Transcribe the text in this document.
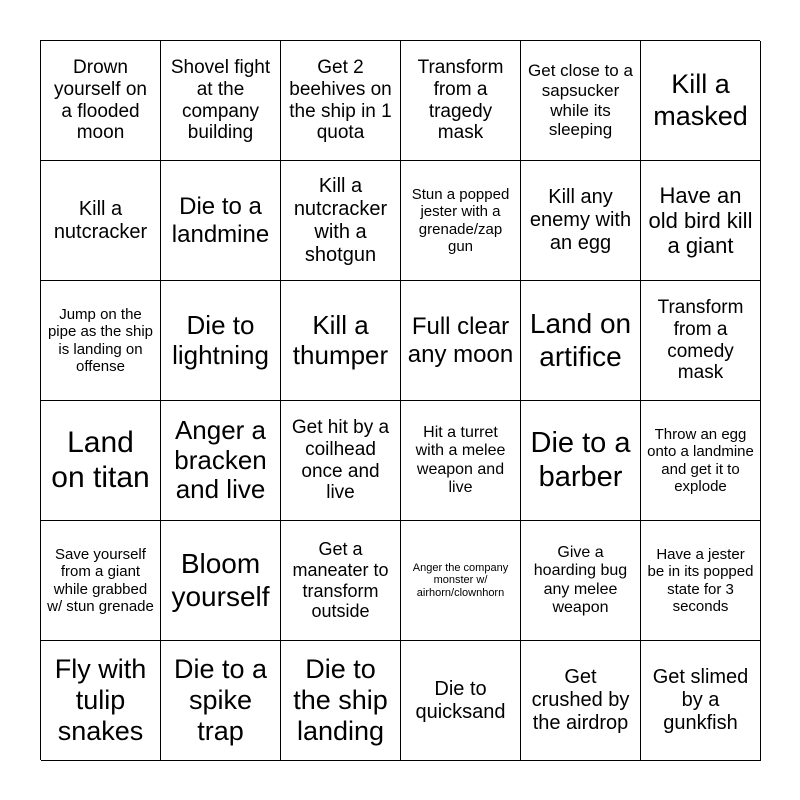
Drown yourself on a flooded moon
Shovel fight at the company building
Get 2 beehives on the ship in 1 quota
Transform from a tragedy mask
Get close to a sapsucker while its sleeping
Kill a masked
Kill a nutcracker
Die to a landmine
Kill a nutcracker with a shotgun
Stun a popped jester with a grenade/zap gun
Kill any enemy with an egg
Have an old bird kill a giant
Jump on the pipe as the ship is landing on offense
Die to lightning
Kill a thumper
Full clear any moon
Land on artifice
Transform from a comedy mask
Land on titan
Anger a bracken and live
Get hit by a coilhead once and live
Hit a turret with a melee weapon and live
Die to a barber
Throw an egg onto a landmine and get it to explode
Save yourself from a giant while grabbed w/ stun grenade
Bloom yourself
Get a maneater to transform outside
Anger the company monster w/ airhorn/clownhorn
Give a hoarding bug any melee weapon
Have a jester be in its popped state for 3 seconds
Fly with tulip snakes
Die to a spike trap
Die to the ship landing
Die to quicksand
Get crushed by the airdrop
Get slimed by a gunkfish
